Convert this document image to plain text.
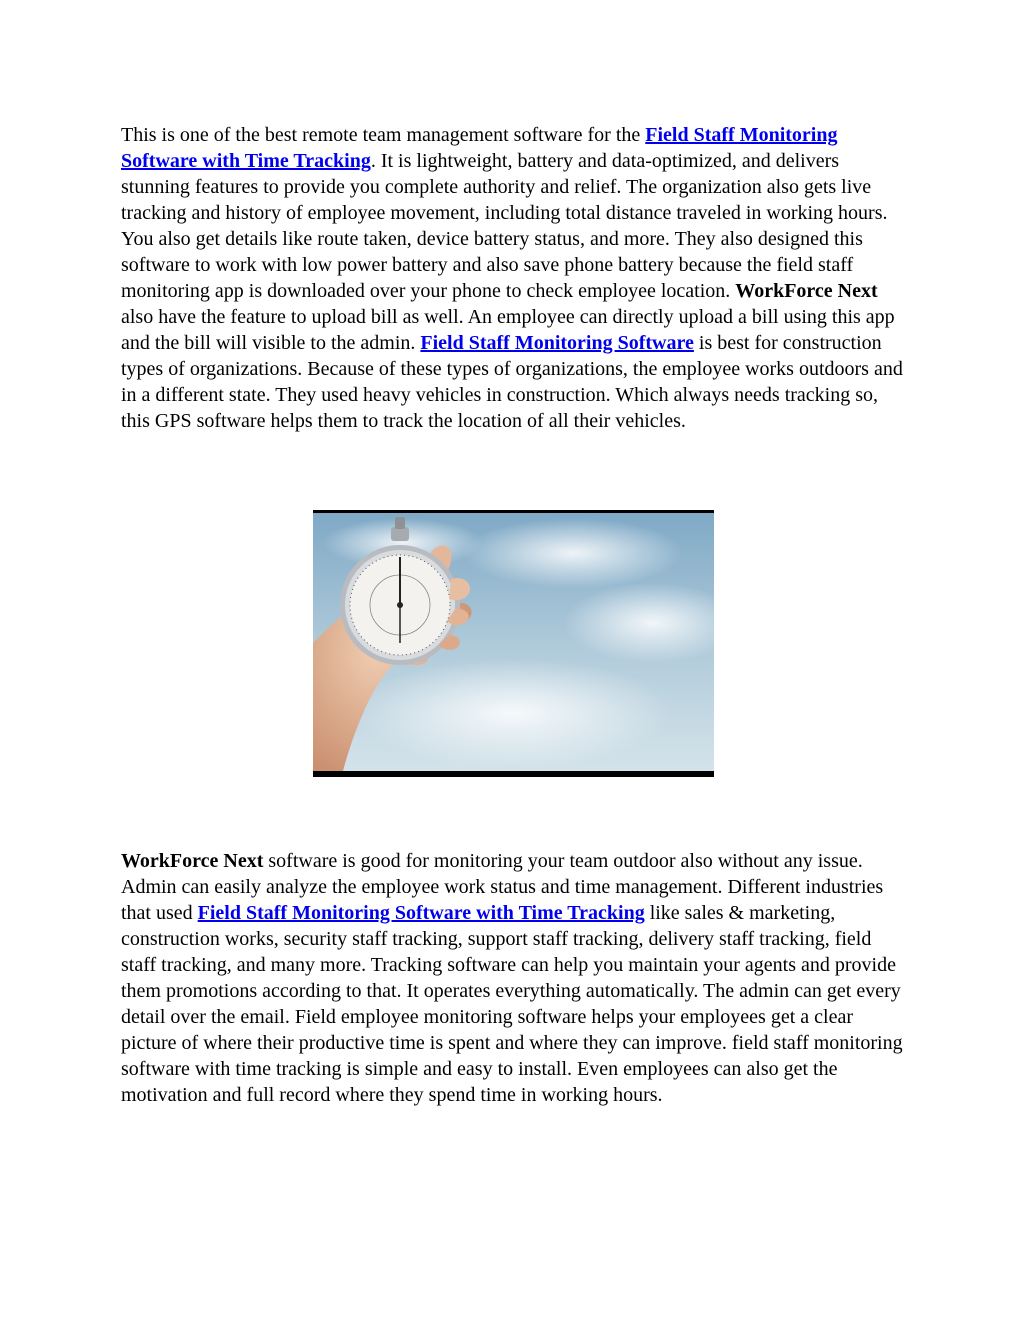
This is one of the best remote team management software for the Field Staff Monitoring Software with Time Tracking. It is lightweight, battery and data-optimized, and delivers stunning features to provide you complete authority and relief. The organization also gets live tracking and history of employee movement, including total distance traveled in working hours. You also get details like route taken, device battery status, and more. They also designed this software to work with low power battery and also save phone battery because the field staff monitoring app is downloaded over your phone to check employee location. WorkForce Next also have the feature to upload bill as well. An employee can directly upload a bill using this app and the bill will visible to the admin. Field Staff Monitoring Software is best for construction types of organizations. Because of these types of organizations, the employee works outdoors and in a different state. They used heavy vehicles in construction. Which always needs tracking so, this GPS software helps them to track the location of all their vehicles.

WorkForce Next software is good for monitoring your team outdoor also without any issue. Admin can easily analyze the employee work status and time management. Different industries that used Field Staff Monitoring Software with Time Tracking like sales & marketing, construction works, security staff tracking, support staff tracking, delivery staff tracking, field staff tracking, and many more. Tracking software can help you maintain your agents and provide them promotions according to that. It operates everything automatically. The admin can get every detail over the email. Field employee monitoring software helps your employees get a clear picture of where their productive time is spent and where they can improve. field staff monitoring software with time tracking is simple and easy to install. Even employees can also get the motivation and full record where they spend time in working hours.
